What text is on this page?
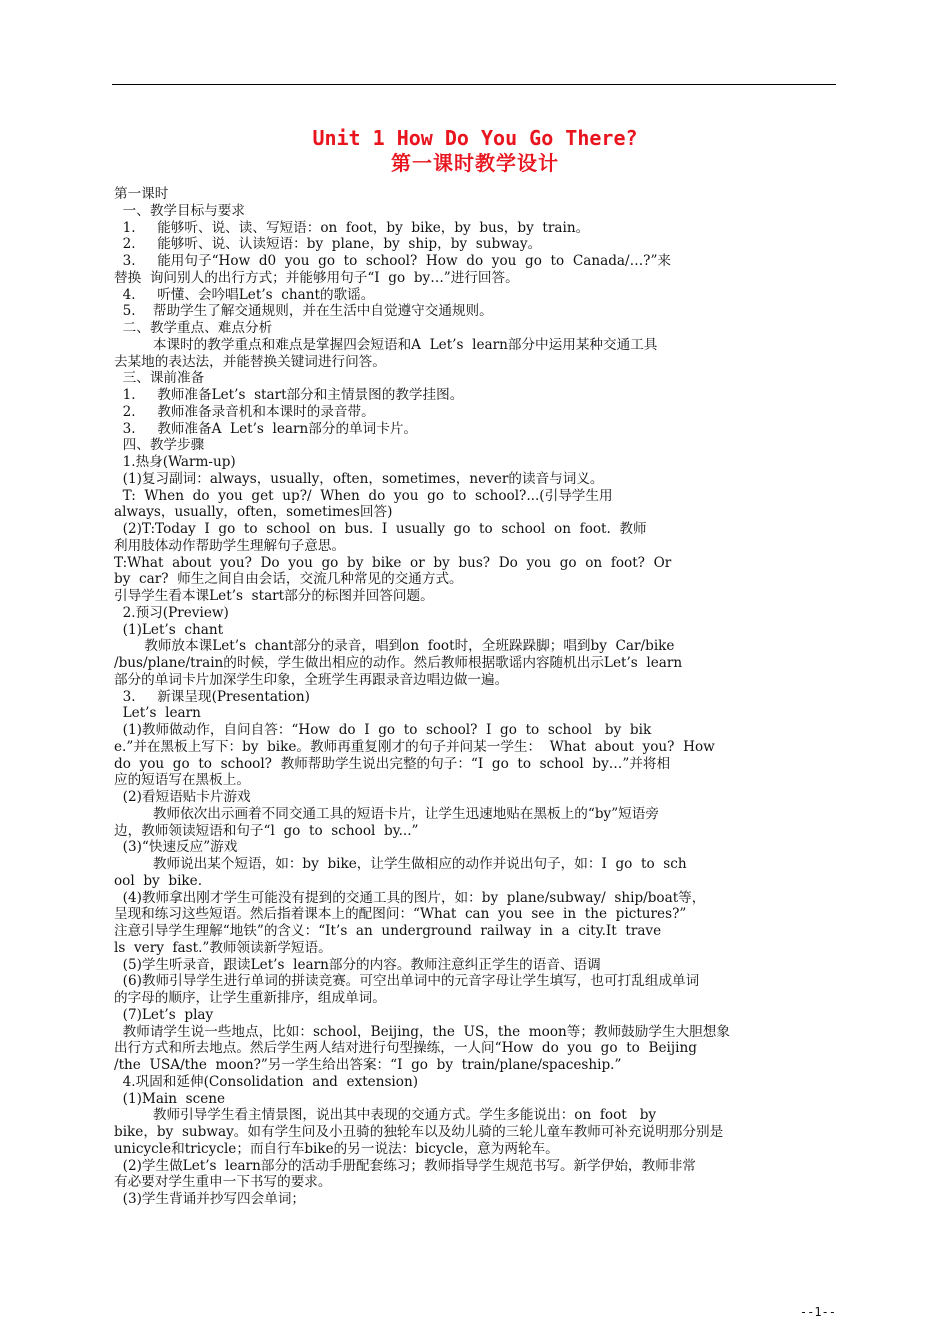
Unit 1 How Do You Go There?
第一课时教学设计
第一课时
一、教学目标与要求
1.     能够听、说、读、写短语：on  foot，by  bike，by  bus，by  train。
2.     能够听、说、认读短语：by  plane，by  ship，by  subway。
3.     能用句子“How  d0  you  go  to  school?  How  do  you  go  to  Canada/…?”来
替换  询问别人的出行方式；并能够用句子“I  go  by…”进行回答。
4.     听懂、会吟唱Let’s  chant的歌谣。
5.    帮助学生了解交通规则，并在生活中自觉遵守交通规则。
二、教学重点、难点分析
本课时的教学重点和难点是掌握四会短语和A  Let’s  learn部分中运用某种交通工具
去某地的表达法，并能替换关键词进行问答。
三、课前准备
1.     教师准备Let’s  start部分和主情景图的教学挂图。
2.     教师准备录音机和本课时的录音带。
3.     教师准备A  Let’s  learn部分的单词卡片。
四、教学步骤
1.热身(Warm-up)
(1)复习副词：always，usually，often，sometimes，never的读音与词义。
T:  When  do  you  get  up?/  When  do  you  go  to  school?...(引导学生用
always，usually，often，sometimes回答)
(2)T:Today  I  go  to  school  on  bus.  I  usually  go  to  school  on  foot.  教师
利用肢体动作帮助学生理解句子意思。
T:What  about  you?  Do  you  go  by  bike  or  by  bus?  Do  you  go  on  foot?  Or
by  car?  师生之间自由会话，交流几种常见的交通方式。
引导学生看本课Let’s  start部分的标图并回答问题。
2.预习(Preview)
(1)Let’s  chant
教师放本课Let’s  chant部分的录音，唱到on  foot时，全班跺跺脚；唱到by  Car/bike
/bus/plane/train的时候，学生做出相应的动作。然后教师根据歌谣内容随机出示Let’s  learn
部分的单词卡片加深学生印象，全班学生再跟录音边唱边做一遍。
3.     新课呈现(Presentation)
Let’s  learn
(1)教师做动作，自问自答：“How  do  I  go  to  school?  I  go  to  school   by  bik
e.”并在黑板上写下：by  bike。教师再重复刚才的句子并问某一学生：  What  about  you?  How
do  you  go  to  school?  教师帮助学生说出完整的句子：“I  go  to  school  by…”并将相
应的短语写在黑板上。
(2)看短语贴卡片游戏
教师依次出示画着不同交通工具的短语卡片，让学生迅速地贴在黑板上的“by”短语旁
边，教师领读短语和句子“l  go  to  school  by...”
(3)“快速反应”游戏
教师说出某个短语，如：by  bike，让学生做相应的动作并说出句子，如：I  go  to  sch
ool  by  bike.
(4)教师拿出刚才学生可能没有提到的交通工具的图片，如：by  plane/subway/  ship/boat等，
呈现和练习这些短语。然后指着课本上的配图问：“What  can  you  see  in  the  pictures?”
注意引导学生理解“地铁”的含义：“It’s  an  underground  railway  in  a  city.It  trave
ls  very  fast.”教师领读新学短语。
(5)学生听录音，跟读Let’s  learn部分的内容。教师注意纠正学生的语音、语调
(6)教师引导学生进行单词的拼读竞赛。可空出单词中的元音字母让学生填写，也可打乱组成单词
的字母的顺序，让学生重新排序，组成单词。
(7)Let’s  play
教师请学生说一些地点，比如：school，Beijing，the  US，the  moon等；教师鼓励学生大胆想象
出行方式和所去地点。然后学生两人结对进行句型操练，一人问“How  do  you  go  to  Beijing
/the  USA/the  moon?”另一学生给出答案：“I  go  by  train/plane/spaceship.”
4.巩固和延伸(Consolidation  and  extension)
(1)Main  scene
教师引导学生看主情景图，说出其中表现的交通方式。学生多能说出：on  foot   by
bike，by  subway。如有学生问及小丑骑的独轮车以及幼儿骑的三轮儿童车教师可补充说明那分别是
unicycle和tricycle；而自行车bike的另一说法：bicycle，意为两轮车。
(2)学生做Let’s  learn部分的活动手册配套练习；教师指导学生规范书写。新学伊始，教师非常
有必要对学生重申一下书写的要求。
(3)学生背诵并抄写四会单词；
--1--
